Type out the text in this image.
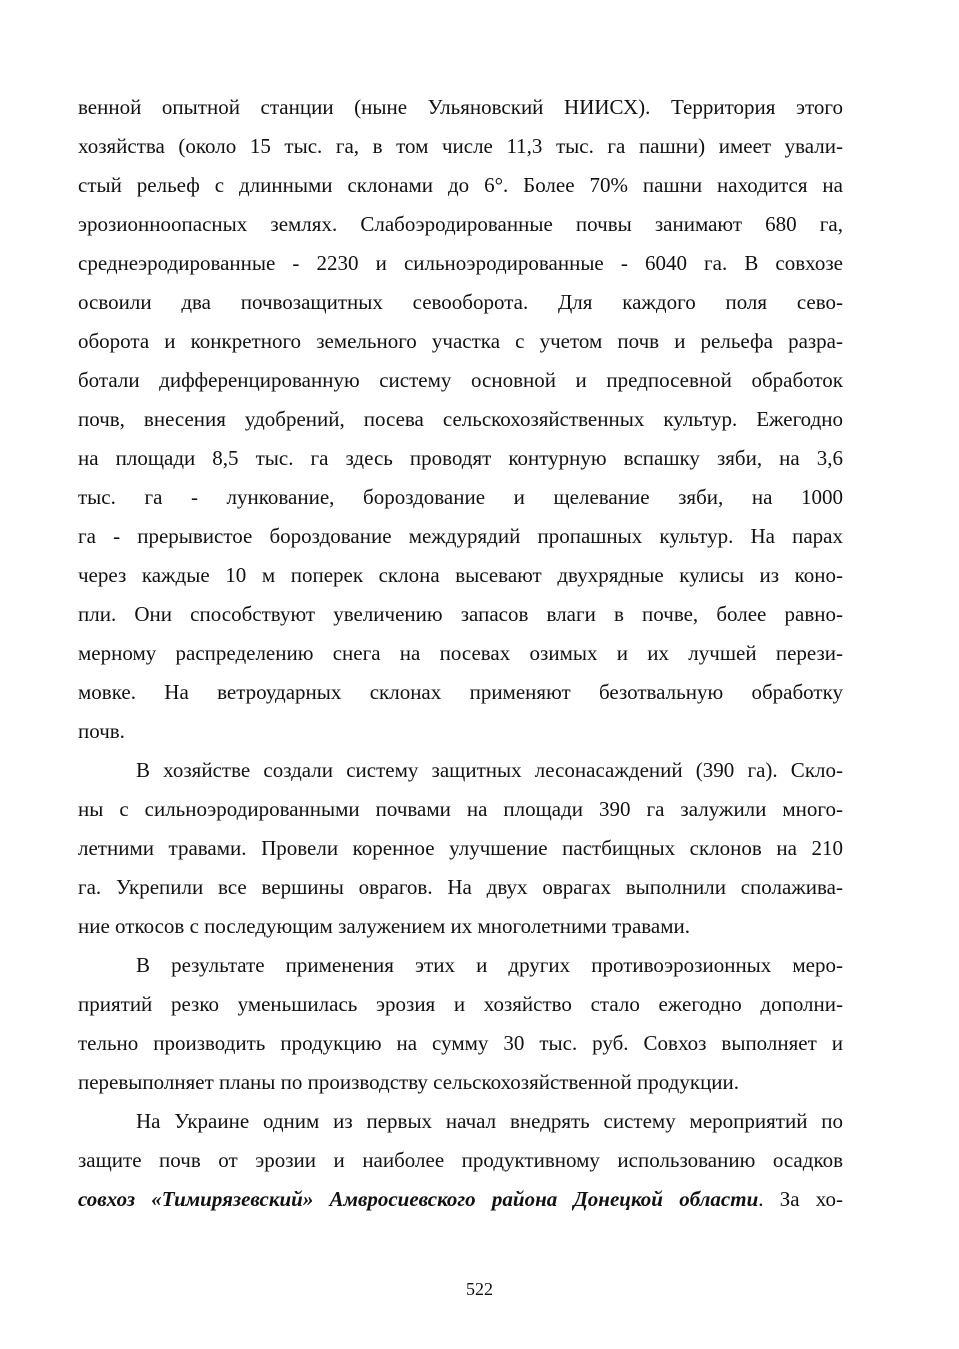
венной опытной станции (ныне Ульяновский НИИСХ). Территория этого
хозяйства (около 15 тыс. га, в том числе 11,3 тыс. га пашни) имеет ували-
стый рельеф с длинными склонами до 6°. Более 70% пашни находится на
эрозионноопасных землях. Слабоэродированные почвы занимают 680 га,
среднеэродированные - 2230 и сильноэродированные - 6040 га. В совхозе
освоили два почвозащитных севооборота. Для каждого поля сево-
оборота и конкретного земельного участка с учетом почв и рельефа разра-
ботали дифференцированную систему основной и предпосевной обработок
почв, внесения удобрений, посева сельскохозяйственных культур. Ежегодно
на площади 8,5 тыс. га здесь проводят контурную вспашку зяби, на 3,6
тыс. га - лункование, бороздование и щелевание зяби, на 1000
га - прерывистое бороздование междурядий пропашных культур. На парах
через каждые 10 м поперек склона высевают двухрядные кулисы из коно-
пли. Они способствуют увеличению запасов влаги в почве, более равно-
мерному распределению снега на посевах озимых и их лучшей перези-
мовке. На ветроударных склонах применяют безотвальную обработку
почв.

В хозяйстве создали систему защитных лесонасаждений (390 га). Скло-
ны с сильноэродированными почвами на площади 390 га залужили много-
летними травами. Провели коренное улучшение пастбищных склонов на 210
га. Укрепили все вершины оврагов. На двух оврагах выполнили сполажива-
ние откосов с последующим залужением их многолетними травами.

В результате применения этих и других противоэрозионных меро-
приятий резко уменьшилась эрозия и хозяйство стало ежегодно дополни-
тельно производить продукцию на сумму 30 тыс. руб. Совхоз выполняет и
перевыполняет планы по производству сельскохозяйственной продукции.

На Украине одним из первых начал внедрять систему мероприятий по
защите почв от эрозии и наиболее продуктивному использованию осадков
совхоз «Тимирязевский» Амвросиевского района Донецкой области. За хо-

522
